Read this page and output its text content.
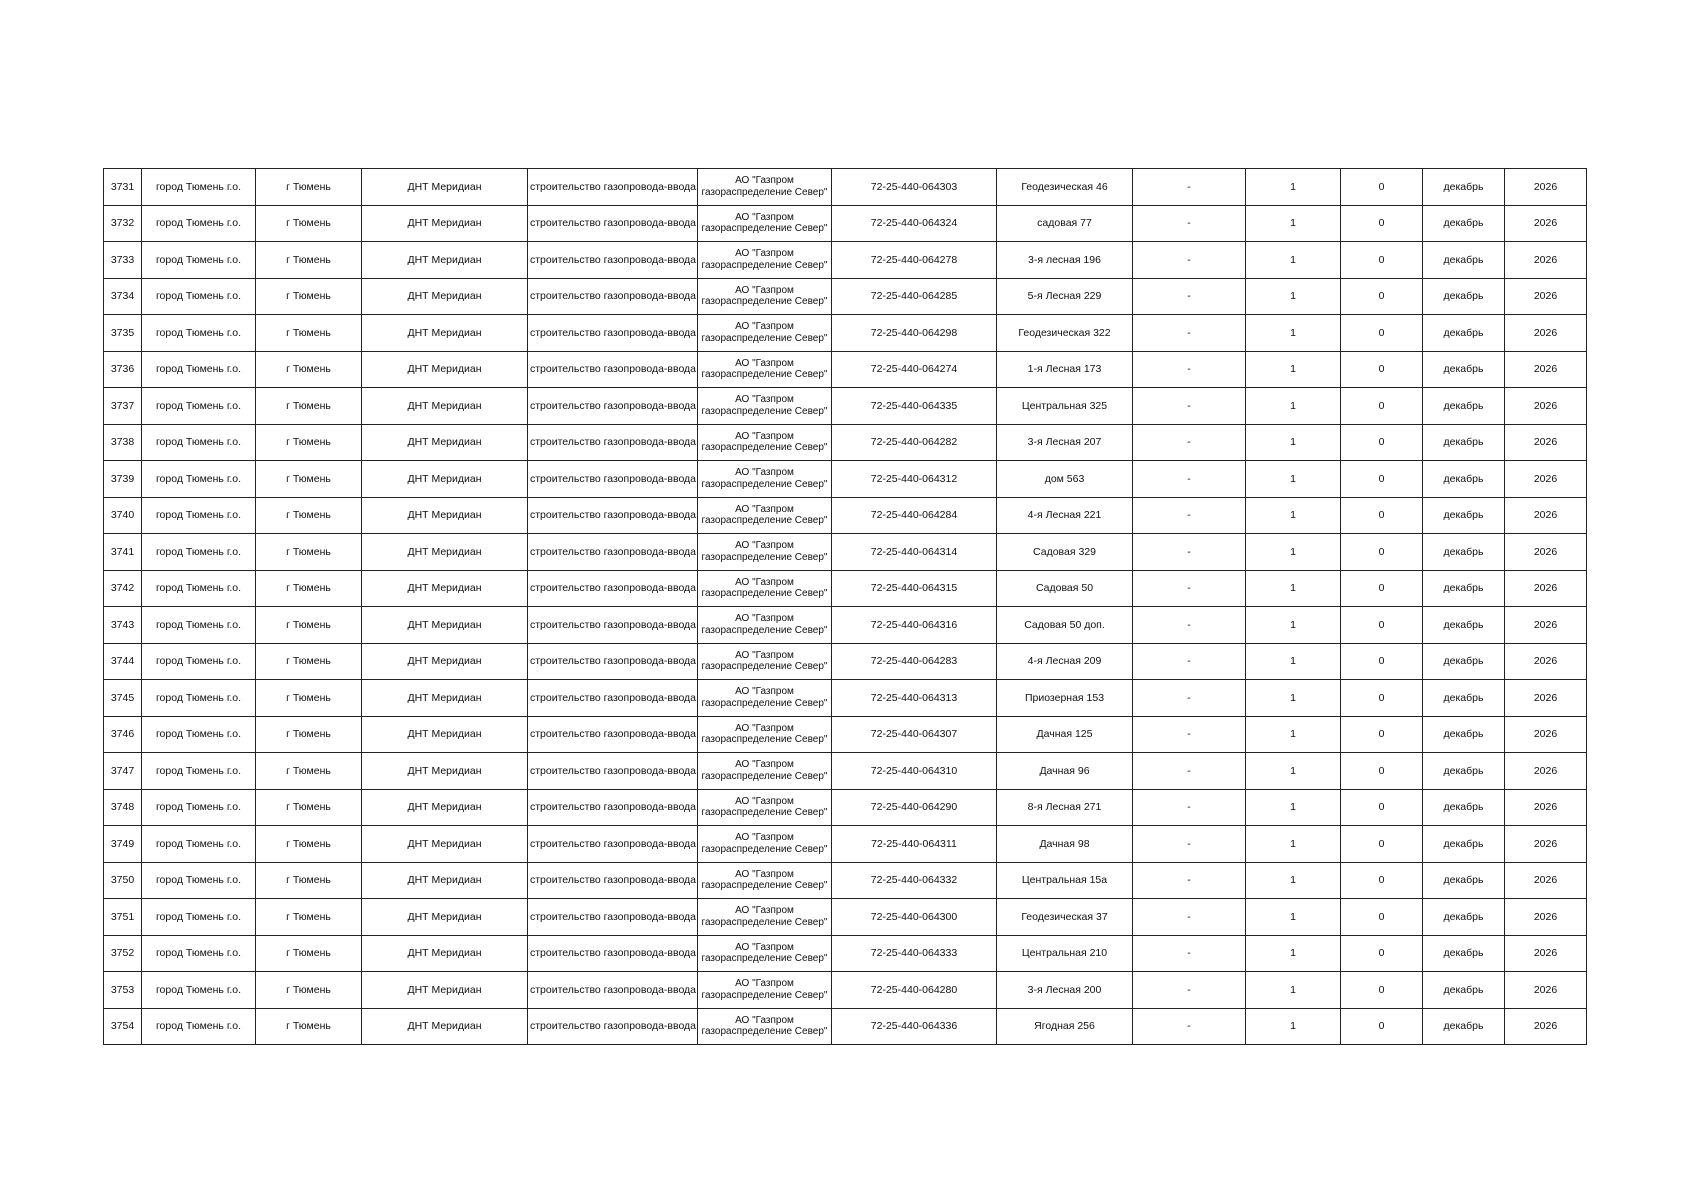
3731	город Тюмень г.о.	г Тюмень	ДНТ Меридиан	строительство газопровода-ввода	АО "Газпром газораспределение Север"	72-25-440-064303	Геодезическая 46	-	1	0	декабрь	2026
3732	город Тюмень г.о.	г Тюмень	ДНТ Меридиан	строительство газопровода-ввода	АО "Газпром газораспределение Север"	72-25-440-064324	садовая 77	-	1	0	декабрь	2026
3733	город Тюмень г.о.	г Тюмень	ДНТ Меридиан	строительство газопровода-ввода	АО "Газпром газораспределение Север"	72-25-440-064278	3-я лесная 196	-	1	0	декабрь	2026
3734	город Тюмень г.о.	г Тюмень	ДНТ Меридиан	строительство газопровода-ввода	АО "Газпром газораспределение Север"	72-25-440-064285	5-я Лесная 229	-	1	0	декабрь	2026
3735	город Тюмень г.о.	г Тюмень	ДНТ Меридиан	строительство газопровода-ввода	АО "Газпром газораспределение Север"	72-25-440-064298	Геодезическая 322	-	1	0	декабрь	2026
3736	город Тюмень г.о.	г Тюмень	ДНТ Меридиан	строительство газопровода-ввода	АО "Газпром газораспределение Север"	72-25-440-064274	1-я Лесная 173	-	1	0	декабрь	2026
3737	город Тюмень г.о.	г Тюмень	ДНТ Меридиан	строительство газопровода-ввода	АО "Газпром газораспределение Север"	72-25-440-064335	Центральная 325	-	1	0	декабрь	2026
3738	город Тюмень г.о.	г Тюмень	ДНТ Меридиан	строительство газопровода-ввода	АО "Газпром газораспределение Север"	72-25-440-064282	3-я Лесная 207	-	1	0	декабрь	2026
3739	город Тюмень г.о.	г Тюмень	ДНТ Меридиан	строительство газопровода-ввода	АО "Газпром газораспределение Север"	72-25-440-064312	дом 563	-	1	0	декабрь	2026
3740	город Тюмень г.о.	г Тюмень	ДНТ Меридиан	строительство газопровода-ввода	АО "Газпром газораспределение Север"	72-25-440-064284	4-я Лесная 221	-	1	0	декабрь	2026
3741	город Тюмень г.о.	г Тюмень	ДНТ Меридиан	строительство газопровода-ввода	АО "Газпром газораспределение Север"	72-25-440-064314	Садовая 329	-	1	0	декабрь	2026
3742	город Тюмень г.о.	г Тюмень	ДНТ Меридиан	строительство газопровода-ввода	АО "Газпром газораспределение Север"	72-25-440-064315	Садовая 50	-	1	0	декабрь	2026
3743	город Тюмень г.о.	г Тюмень	ДНТ Меридиан	строительство газопровода-ввода	АО "Газпром газораспределение Север"	72-25-440-064316	Садовая 50 доп.	-	1	0	декабрь	2026
3744	город Тюмень г.о.	г Тюмень	ДНТ Меридиан	строительство газопровода-ввода	АО "Газпром газораспределение Север"	72-25-440-064283	4-я Лесная 209	-	1	0	декабрь	2026
3745	город Тюмень г.о.	г Тюмень	ДНТ Меридиан	строительство газопровода-ввода	АО "Газпром газораспределение Север"	72-25-440-064313	Приозерная 153	-	1	0	декабрь	2026
3746	город Тюмень г.о.	г Тюмень	ДНТ Меридиан	строительство газопровода-ввода	АО "Газпром газораспределение Север"	72-25-440-064307	Дачная 125	-	1	0	декабрь	2026
3747	город Тюмень г.о.	г Тюмень	ДНТ Меридиан	строительство газопровода-ввода	АО "Газпром газораспределение Север"	72-25-440-064310	Дачная 96	-	1	0	декабрь	2026
3748	город Тюмень г.о.	г Тюмень	ДНТ Меридиан	строительство газопровода-ввода	АО "Газпром газораспределение Север"	72-25-440-064290	8-я Лесная 271	-	1	0	декабрь	2026
3749	город Тюмень г.о.	г Тюмень	ДНТ Меридиан	строительство газопровода-ввода	АО "Газпром газораспределение Север"	72-25-440-064311	Дачная 98	-	1	0	декабрь	2026
3750	город Тюмень г.о.	г Тюмень	ДНТ Меридиан	строительство газопровода-ввода	АО "Газпром газораспределение Север"	72-25-440-064332	Центральная 15а	-	1	0	декабрь	2026
3751	город Тюмень г.о.	г Тюмень	ДНТ Меридиан	строительство газопровода-ввода	АО "Газпром газораспределение Север"	72-25-440-064300	Геодезическая 37	-	1	0	декабрь	2026
3752	город Тюмень г.о.	г Тюмень	ДНТ Меридиан	строительство газопровода-ввода	АО "Газпром газораспределение Север"	72-25-440-064333	Центральная 210	-	1	0	декабрь	2026
3753	город Тюмень г.о.	г Тюмень	ДНТ Меридиан	строительство газопровода-ввода	АО "Газпром газораспределение Север"	72-25-440-064280	3-я Лесная 200	-	1	0	декабрь	2026
3754	город Тюмень г.о.	г Тюмень	ДНТ Меридиан	строительство газопровода-ввода	АО "Газпром газораспределение Север"	72-25-440-064336	Ягодная 256	-	1	0	декабрь	2026
